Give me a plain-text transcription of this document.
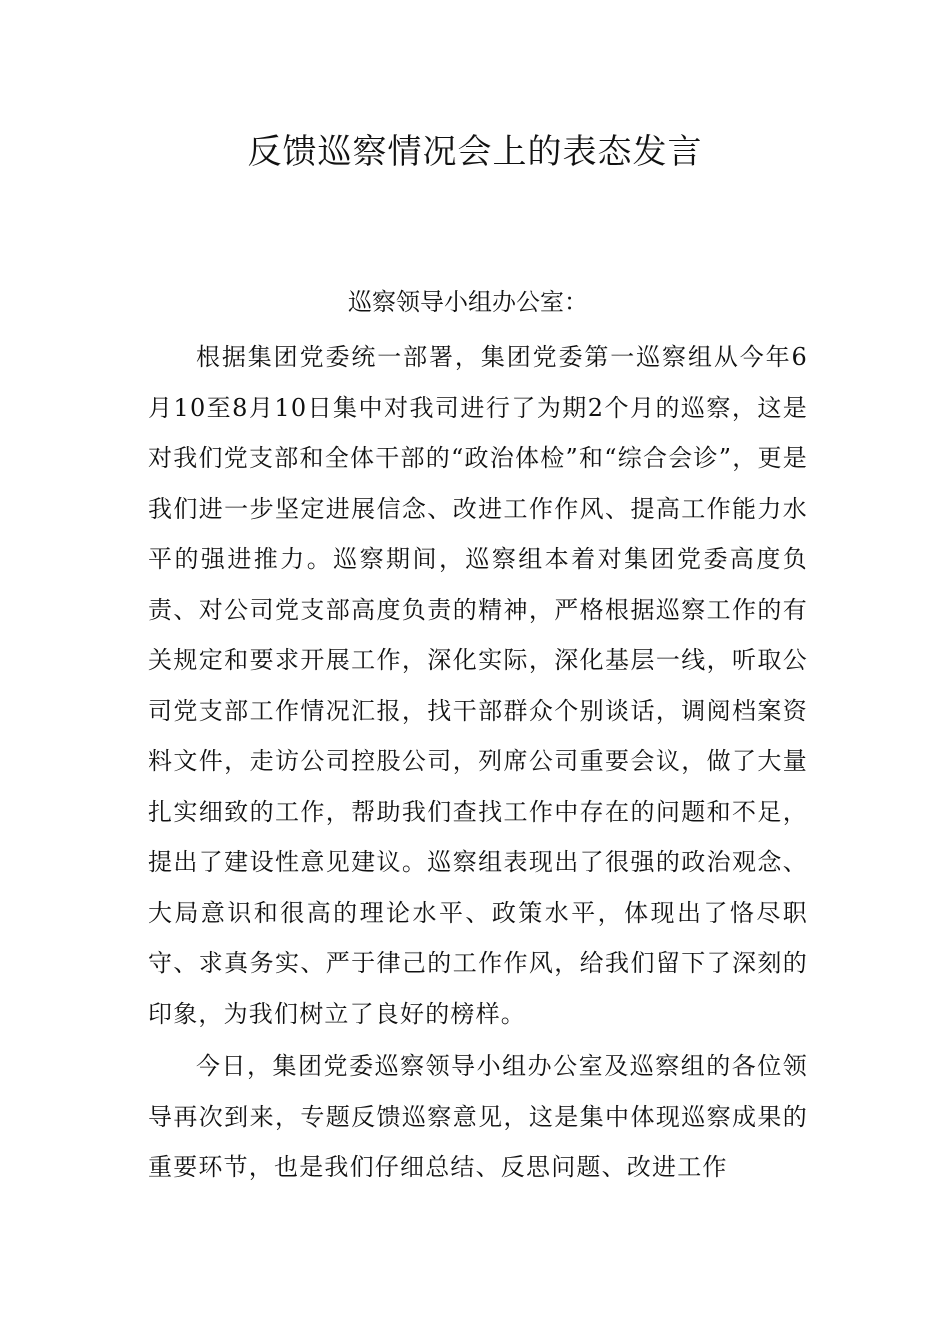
反馈巡察情况会上的表态发言

巡察领导小组办公室：

根据集团党委统一部署，集团党委第一巡察组从今年6月10至8月10日集中对我司进行了为期2个月的巡察，这是对我们党支部和全体干部的“政治体检”和“综合会诊”，更是我们进一步坚定进展信念、改进工作作风、提高工作能力水平的强进推力。巡察期间，巡察组本着对集团党委高度负责、对公司党支部高度负责的精神，严格根据巡察工作的有关规定和要求开展工作，深化实际，深化基层一线，听取公司党支部工作情况汇报，找干部群众个别谈话，调阅档案资料文件，走访公司控股公司，列席公司重要会议，做了大量扎实细致的工作，帮助我们查找工作中存在的问题和不足，提出了建设性意见建议。巡察组表现出了很强的政治观念、大局意识和很高的理论水平、政策水平，体现出了恪尽职守、求真务实、严于律己的工作作风，给我们留下了深刻的印象，为我们树立了良好的榜样。

今日，集团党委巡察领导小组办公室及巡察组的各位领导再次到来，专题反馈巡察意见，这是集中体现巡察成果的重要环节，也是我们仔细总结、反思问题、改进工作
